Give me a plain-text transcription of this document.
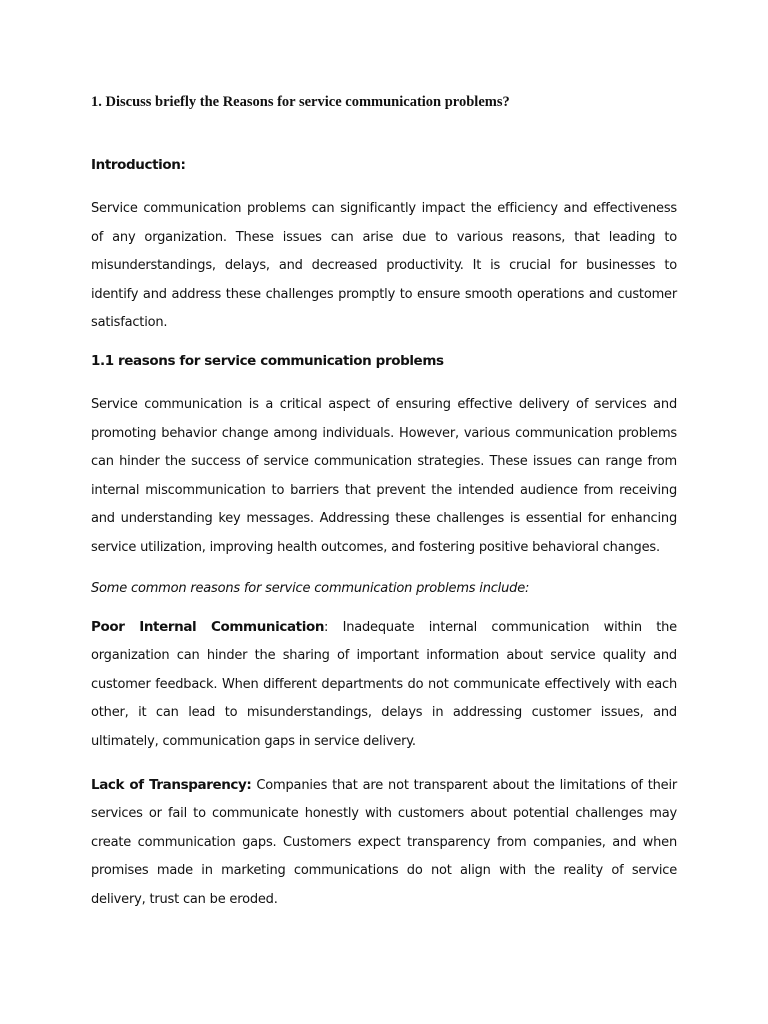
1. Discuss briefly the Reasons for service communication problems?

Introduction:

Service communication problems can significantly impact the efficiency and effectiveness of any organization. These issues can arise due to various reasons, that leading to misunderstandings, delays, and decreased productivity. It is crucial for businesses to identify and address these challenges promptly to ensure smooth operations and customer satisfaction.

1.1 reasons for service communication problems

Service communication is a critical aspect of ensuring effective delivery of services and promoting behavior change among individuals. However, various communication problems can hinder the success of service communication strategies. These issues can range from internal miscommunication to barriers that prevent the intended audience from receiving and understanding key messages. Addressing these challenges is essential for enhancing service utilization, improving health outcomes, and fostering positive behavioral changes.

Some common reasons for service communication problems include:

Poor Internal Communication: Inadequate internal communication within the organization can hinder the sharing of important information about service quality and customer feedback. When different departments do not communicate effectively with each other, it can lead to misunderstandings, delays in addressing customer issues, and ultimately, communication gaps in service delivery.

Lack of Transparency: Companies that are not transparent about the limitations of their services or fail to communicate honestly with customers about potential challenges may create communication gaps. Customers expect transparency from companies, and when promises made in marketing communications do not align with the reality of service delivery, trust can be eroded.
